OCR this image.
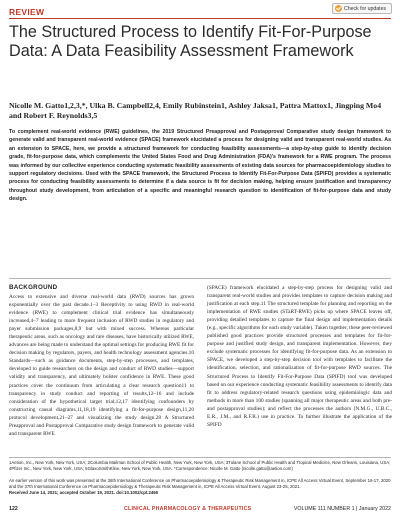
REVIEW	Check for updates
The Structured Process to Identify Fit-For-Purpose Data: A Data Feasibility Assessment Framework
Nicolle M. Gatto1,2,3,*, Ulka B. Campbell2,4, Emily Rubinstein1, Ashley Jaksa1, Pattra Mattox1, Jingping Mo4 and Robert F. Reynolds3,5
To complement real-world evidence (RWE) guidelines, the 2019 Structured Preapproval and Postapproval Comparative study design framework to generate valid and transparent real-world evidence (SPACE) framework elucidated a process for designing valid and transparent real-world studies. As an extension to SPACE, here, we provide a structured framework for conducting feasibility assessments—a step-by-step guide to identify decision grade, fit-for-purpose data, which complements the United States Food and Drug Administration (FDA)'s framework for a RWE program. The process was informed by our collective experience conducting systematic feasibility assessments of existing data sources for pharmacoepidemiology studies to support regulatory decisions. Used with the SPACE framework, the Structured Process to Identify Fit-For-Purpose Data (SPIFD) provides a systematic process for conducting feasibility assessments to determine if a data source is fit for decision making, helping ensure justification and transparency throughout study development, from articulation of a specific and meaningful research question to identification of fit-for-purpose data and study design.
BACKGROUND
Access to extensive and diverse real-world data (RWD) sources has grown exponentially over the past decade.1–3 Receptivity to using RWD in real-world evidence (RWE) to complement clinical trial evidence has simultaneously increased,4–7 leading to more frequent inclusion of RWD studies in regulatory and payer submission packages,8,9 but with mixed success. Whereas particular therapeutic areas, such as oncology and rare diseases, have historically utilized RWE, advances are being made to understand the optimal settings for producing RWE fit for decision making by regulators, payers, and health technology assessment agencies.10 Standards—such as guidance documents, step-by-step processes, and templates, developed to guide researchers on the design and conduct of RWD studies—support validity and transparency, and ultimately bolster confidence in RWE. These good practices cover the continuum from articulating a clear research question11 to transparency in study conduct and reporting of results,12–16 and include consideration of the hypothetical target trial,12,17 identifying confounders by constructing causal diagrams,11,18,19 identifying a fit-for-purpose design,11,20 protocol development,21–27 and visualizing the study design.28 A Structured Preapproval and Postapproval Comparative study design framework to generate valid and transparent RWE
(SPACE) framework elucidated a step-by-step process for designing valid and transparent real-world studies and provides templates to capture decision making and justification at each step.11 The structured template for planning and reporting on the implementation of RWE studies (STaRT-RWE) picks up where SPACE leaves off, providing detailed templates to capture the final design and implementation details (e.g., specific algorithms for each study variable). Taken together, these peer-reviewed published good practices provide structured processes and templates for fit-for-purpose and justified study design, and transparent implementation. However, they exclude systematic processes for identifying fit-for-purpose data. As an extension to SPACE, we developed a step-by-step decision tool with templates to facilitate the identification, selection, and rationalization of fit-for-purpose RWD sources. The Structured Process to Identify Fit-For-Purpose Data (SPIFD) tool was developed based on our experience conducting systematic feasibility assessments to identify data fit to address regulatory-related research questions using epidemiologic data and methods in more than 100 studies (spanning all major therapeutic areas and both pre- and postapproval studies); and reflect the processes the authors (N.M.G., U.B.C., E.R., J.M., and R.F.R.) use in practice. To further illustrate the application of the SPIFD
1Aetion, Inc., New York, New York, USA; 2Columbia Mailman School of Public Health, New York, New York, USA; 3Tulane School of Public Health and Tropical Medicine, New Orleans, Louisiana, USA; 4Pfizer Inc., New York, New York, USA; 5GlaxoSmithKline, New York, New York, USA. *Correspondence: Nicolle M. Gatto (nicolle.gatto@aetion.com)
An earlier version of this work was presented at the 36th International Conference on Pharmacoepidemiology & Therapeutic Risk Management in, ICPE All Access Virtual Event, September 16-17, 2020 and the 37th International Conference on Pharmacoepidemiology & Therapeutic Risk Management in, ICPE All Access Virtual Event, August 23-25, 2021.
Received June 14, 2021; accepted October 19, 2021. doi:10.1002/cpt.2466
122	CLINICAL PHARMACOLOGY & THERAPEUTICS	VOLUME 111 NUMBER 1 | January 2022
